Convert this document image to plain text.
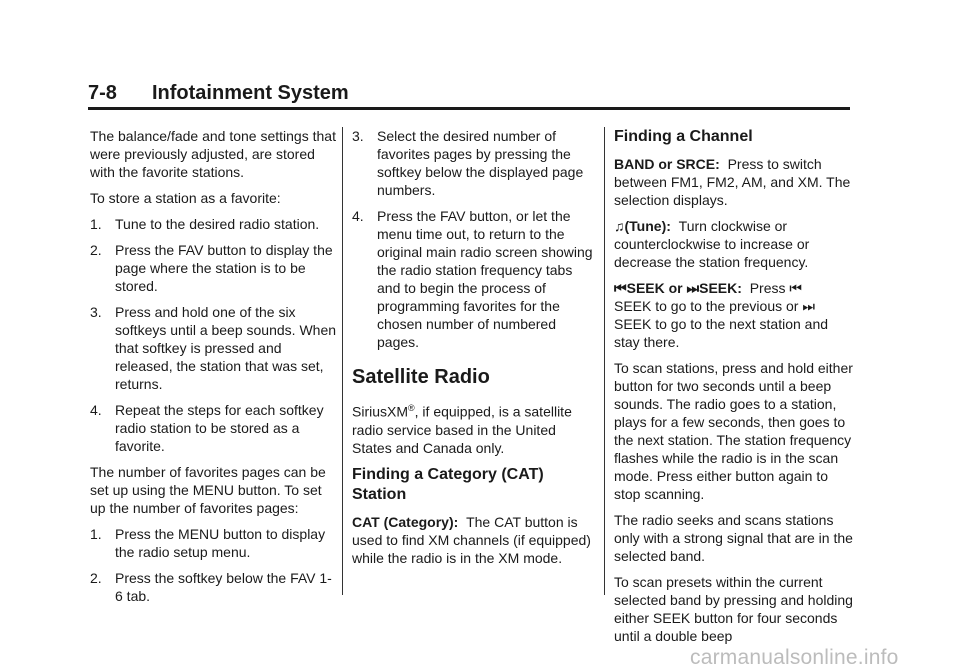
7-8 Infotainment System

The balance/fade and tone settings that were previously adjusted, are stored with the favorite stations.

To store a station as a favorite:

1. Tune to the desired radio station.
2. Press the FAV button to display the page where the station is to be stored.
3. Press and hold one of the six softkeys until a beep sounds. When that softkey is pressed and released, the station that was set, returns.
4. Repeat the steps for each softkey radio station to be stored as a favorite.

The number of favorites pages can be set up using the MENU button. To set up the number of favorites pages:

1. Press the MENU button to display the radio setup menu.
2. Press the softkey below the FAV 1-6 tab.
3. Select the desired number of favorites pages by pressing the softkey below the displayed page numbers.
4. Press the FAV button, or let the menu time out, to return to the original main radio screen showing the radio station frequency tabs and to begin the process of programming favorites for the chosen number of numbered pages.
Satellite Radio

SiriusXM®, if equipped, is a satellite radio service based in the United States and Canada only.

Finding a Category (CAT) Station

CAT (Category): The CAT button is used to find XM channels (if equipped) while the radio is in the XM mode.

Finding a Channel

BAND or SRCE: Press to switch between FM1, FM2, AM, and XM. The selection displays.

♫(Tune): Turn clockwise or counterclockwise to increase or decrease the station frequency.

⏮SEEK or ⏭SEEK: Press ⏮
SEEK to go to the previous or ⏭ SEEK to go to the next station and stay there.

To scan stations, press and hold either button for two seconds until a beep sounds. The radio goes to a station, plays for a few seconds, then goes to the next station. The station frequency flashes while the radio is in the scan mode. Press either button again to stop scanning.

The radio seeks and scans stations only with a strong signal that are in the selected band.

To scan presets within the current selected band by pressing and holding either SEEK button for four seconds until a double beep

carmanualsonline.info
